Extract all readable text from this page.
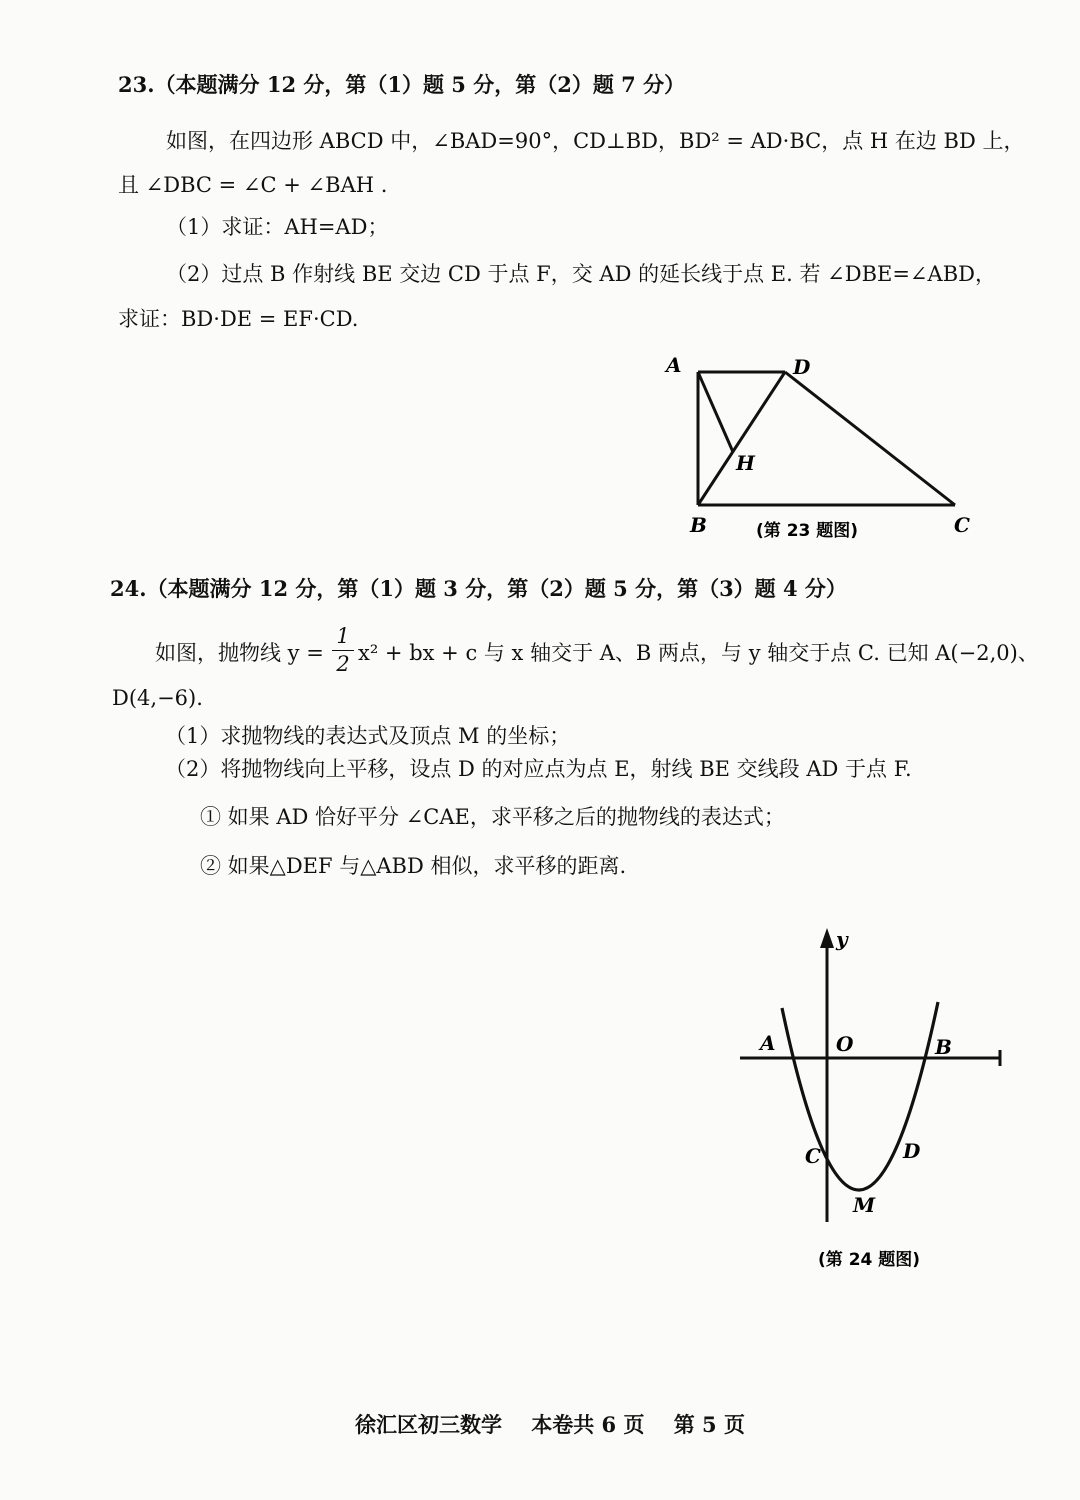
23.（本题满分 12 分，第（1）题 5 分，第（2）题 7 分）
如图，在四边形 ABCD 中，∠BAD=90°，CD⊥BD，BD² = AD·BC，点 H 在边 BD 上，
且 ∠DBC = ∠C + ∠BAH .
（1）求证：AH=AD；
（2）过点 B 作射线 BE 交边 CD 于点 F，交 AD 的延长线于点 E. 若 ∠DBE=∠ABD，
求证：BD·DE = EF·CD.
A	D
H
B	C
(第 23 题图)
24.（本题满分 12 分，第（1）题 3 分，第（2）题 5 分，第（3）题 4 分）
如图，抛物线 y =
1
2 x² + bx + c 与 x 轴交于 A、B 两点，与 y 轴交于点 C. 已知 A(−2,0)、
D(4,−6).
（1）求抛物线的表达式及顶点 M 的坐标；
（2）将抛物线向上平移，设点 D 的对应点为点 E，射线 BE 交线段 AD 于点 F.
① 如果 AD 恰好平分 ∠CAE，求平移之后的抛物线的表达式；
② 如果△DEF 与△ABD 相似，求平移的距离.
y
A	O	B
C	D
M
(第 24 题图)
徐汇区初三数学    本卷共 6 页    第 5 页
